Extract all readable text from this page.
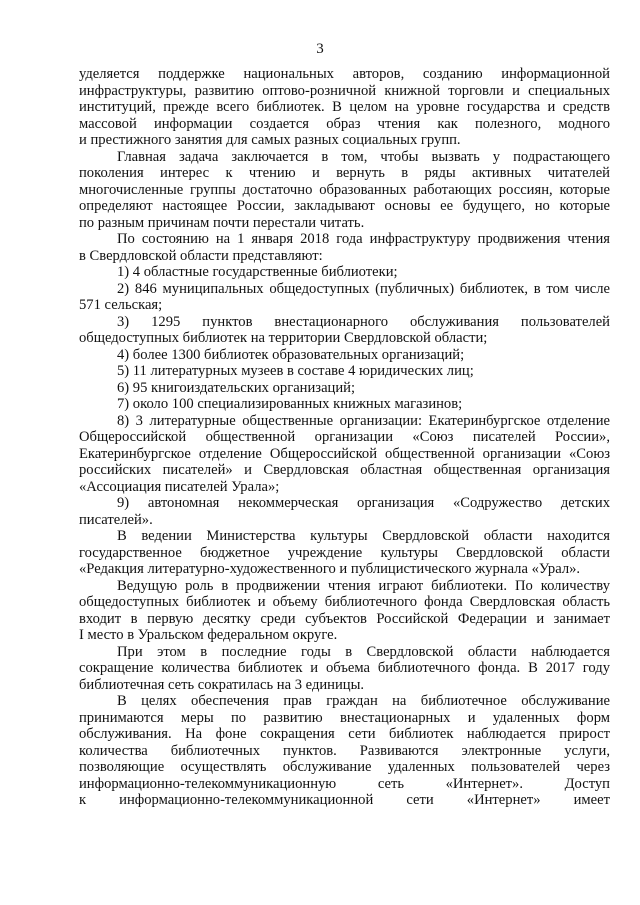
3
уделяется поддержке национальных авторов, созданию информационной
инфраструктуры, развитию оптово-розничной книжной торговли и специальных
институций, прежде всего библиотек. В целом на уровне государства и средств
массовой информации создается образ чтения как полезного, модного
и престижного занятия для самых разных социальных групп.
Главная задача заключается в том, чтобы вызвать у подрастающего
поколения интерес к чтению и вернуть в ряды активных читателей
многочисленные группы достаточно образованных работающих россиян, которые
определяют настоящее России, закладывают основы ее будущего, но которые
по разным причинам почти перестали читать.
По состоянию на 1 января 2018 года инфраструктуру продвижения чтения
в Свердловской области представляют:
1) 4 областные государственные библиотеки;
2) 846 муниципальных общедоступных (публичных) библиотек, в том числе
571 сельская;
3) 1295 пунктов внестационарного обслуживания пользователей
общедоступных библиотек на территории Свердловской области;
4) более 1300 библиотек образовательных организаций;
5) 11 литературных музеев в составе 4 юридических лиц;
6) 95 книгоиздательских организаций;
7) около 100 специализированных книжных магазинов;
8) 3 литературные общественные организации: Екатеринбургское отделение
Общероссийской общественной организации «Союз писателей России»,
Екатеринбургское отделение Общероссийской общественной организации «Союз
российских писателей» и Свердловская областная общественная организация
«Ассоциация писателей Урала»;
9) автономная некоммерческая организация «Содружество детских
писателей».
В ведении Министерства культуры Свердловской области находится
государственное бюджетное учреждение культуры Свердловской области
«Редакция литературно-художественного и публицистического журнала «Урал».
Ведущую роль в продвижении чтения играют библиотеки. По количеству
общедоступных библиотек и объему библиотечного фонда Свердловская область
входит в первую десятку среди субъектов Российской Федерации и занимает
I место в Уральском федеральном округе.
При этом в последние годы в Свердловской области наблюдается
сокращение количества библиотек и объема библиотечного фонда. В 2017 году
библиотечная сеть сократилась на 3 единицы.
В целях обеспечения прав граждан на библиотечное обслуживание
принимаются меры по развитию внестационарных и удаленных форм
обслуживания. На фоне сокращения сети библиотек наблюдается прирост
количества библиотечных пунктов. Развиваются электронные услуги,
позволяющие осуществлять обслуживание удаленных пользователей через
информационно-телекоммуникационную сеть «Интернет». Доступ
к информационно-телекоммуникационной сети «Интернет» имеет
